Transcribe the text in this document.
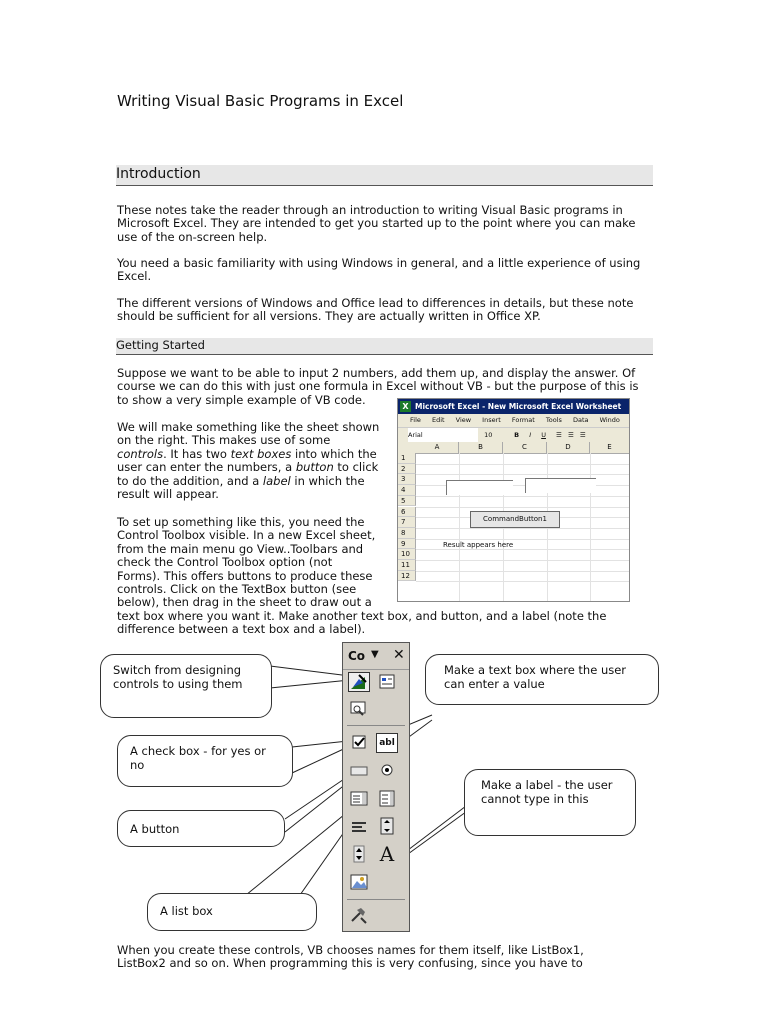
Writing Visual Basic Programs in Excel
Introduction
These notes take the reader through an introduction to writing Visual Basic programs in
Microsoft Excel. They are intended to get you started up to the point where you can make
use of the on-screen help.
You need a basic familiarity with using Windows in general, and a little experience of using
Excel.
The different versions of Windows and Office lead to differences in details, but these note
should be sufficient for all versions. They are actually written in Office XP.
Getting Started
Suppose we want to be able to input 2 numbers, add them up, and display the answer. Of
course we can do this with just one formula in Excel without VB - but the purpose of this is
to show a very simple example of VB code.
We will make something like the sheet shown
on the right. This makes use of some
controls. It has two text boxes into which the
user can enter the numbers, a button to click
to do the addition, and a label in which the
result will appear.
To set up something like this, you need the
Control Toolbox visible. In a new Excel sheet,
from the main menu go View..Toolbars and
check the Control Toolbox option (not
Forms). This offers buttons to produce these
controls. Click on the TextBox button (see
below), then drag in the sheet to draw out a
text box where you want it. Make another text box, and button, and a label (note the
difference between a text box and a label).
X Microsoft Excel - New Microsoft Excel Worksheet
File Edit View Insert Format Tools Data Windo
Arial	10	B I U ☰ ☰ ☰
A	B	C	D	E
1
2
3
4
5
6
7
8
9
10
11
12
CommandButton1
Result appears here
Switch from designing controls to using them
Make a text box where the user can enter a value
A check box - for yes or no
Make a label - the user cannot type in this
A button
A list box
Co ▼ ✕
abl
A
When you create these controls, VB chooses names for them itself, like ListBox1,
ListBox2 and so on. When programming this is very confusing, since you have to
